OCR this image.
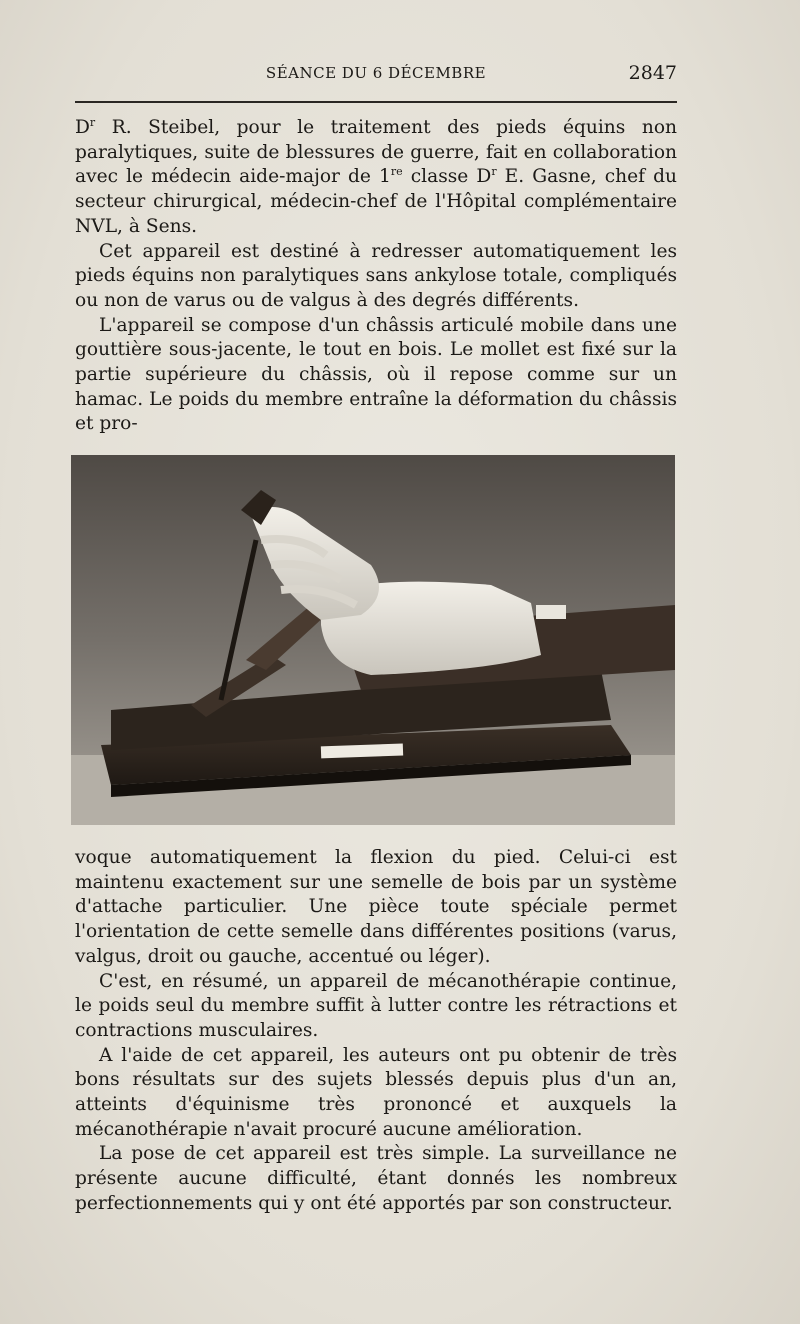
SÉANCE DU 6 DÉCEMBRE	2847

$D^r$ R. Steibel, pour le traitement des pieds équins non paralytiques, suite de blessures de guerre, fait en collaboration avec le médecin aide-major de 1re classe $D^r$ E. Gasne, chef du secteur chirurgical, médecin-chef de l'Hôpital complémentaire NVL, à Sens.

Cet appareil est destiné à redresser automatiquement les pieds équins non paralytiques sans ankylose totale, compliqués ou non de varus ou de valgus à des degrés différents.

L'appareil se compose d'un châssis articulé mobile dans une gouttière sous-jacente, le tout en bois. Le mollet est fixé sur la partie supérieure du châssis, où il repose comme sur un hamac. Le poids du membre entraîne la déformation du châssis et pro-

voque automatiquement la flexion du pied. Celui-ci est maintenu exactement sur une semelle de bois par un système d'attache particulier. Une pièce toute spéciale permet l'orientation de cette semelle dans différentes positions (varus, valgus, droit ou gauche, accentué ou léger).

C'est, en résumé, un appareil de mécanothérapie continue, le poids seul du membre suffit à lutter contre les rétractions et contractions musculaires.

A l'aide de cet appareil, les auteurs ont pu obtenir de très bons résultats sur des sujets blessés depuis plus d'un an, atteints d'équinisme très prononcé et auxquels la mécanothérapie n'avait procuré aucune amélioration.

La pose de cet appareil est très simple. La surveillance ne présente aucune difficulté, étant donnés les nombreux perfectionnements qui y ont été apportés par son constructeur.
